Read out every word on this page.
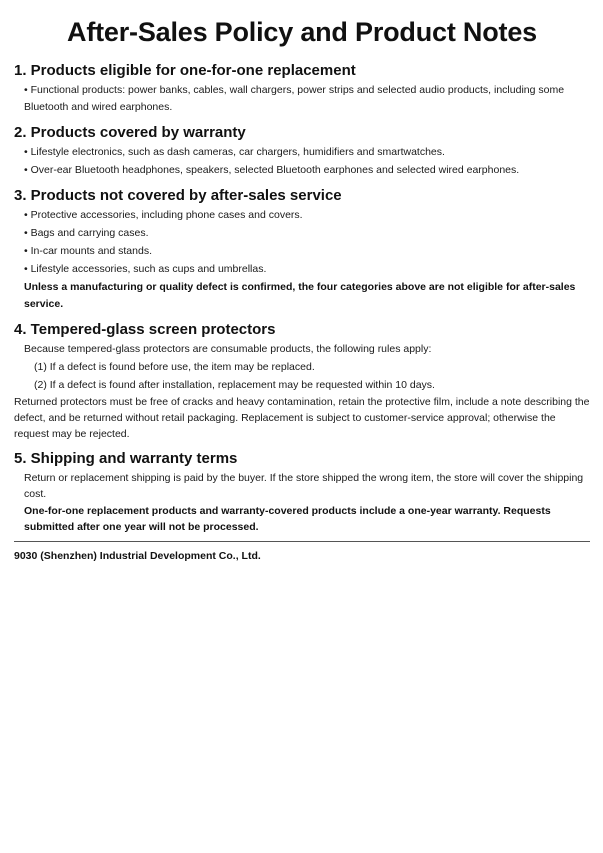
After-Sales Policy and Product Notes
1. Products eligible for one-for-one replacement

• Functional products: power banks, cables, wall chargers, power strips and selected audio products, including some Bluetooth and wired earphones.

2. Products covered by warranty

• Lifestyle electronics, such as dash cameras, car chargers, humidifiers and smartwatches.

• Over-ear Bluetooth headphones, speakers, selected Bluetooth earphones and selected wired earphones.

3. Products not covered by after-sales service

• Protective accessories, including phone cases and covers.

• Bags and carrying cases.

• In-car mounts and stands.

• Lifestyle accessories, such as cups and umbrellas.

Unless a manufacturing or quality defect is confirmed, the four categories above are not eligible for after-sales service.

4. Tempered-glass screen protectors

Because tempered-glass protectors are consumable products, the following rules apply:

(1) If a defect is found before use, the item may be replaced.

(2) If a defect is found after installation, replacement may be requested within 10 days.

Returned protectors must be free of cracks and heavy contamination, retain the protective film, include a note describing the defect, and be returned without retail packaging. Replacement is subject to customer-service approval; otherwise the request may be rejected.

5. Shipping and warranty terms

Return or replacement shipping is paid by the buyer. If the store shipped the wrong item, the store will cover the shipping cost.

One-for-one replacement products and warranty-covered products include a one-year warranty. Requests submitted after one year will not be processed.

9030 (Shenzhen) Industrial Development Co., Ltd.
